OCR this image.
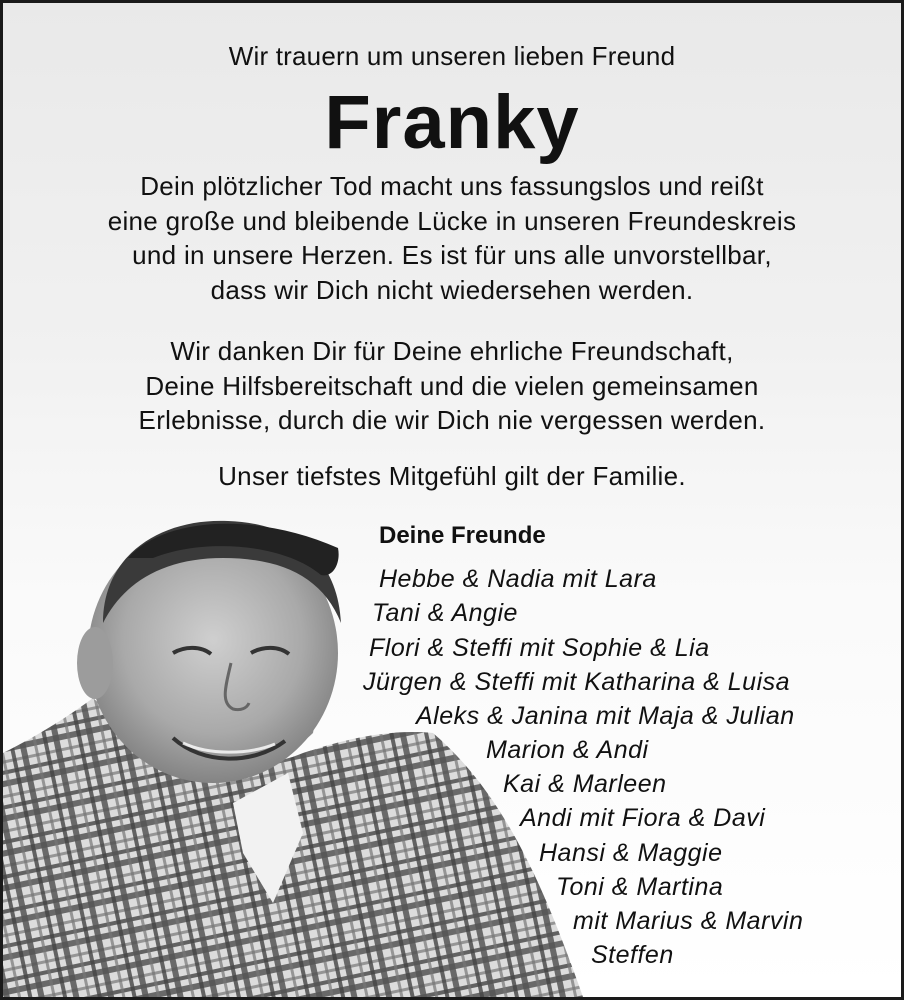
Wir trauern um unseren lieben Freund
Franky
Dein plötzlicher Tod macht uns fassungslos und reißt
eine große und bleibende Lücke in unseren Freundeskreis
und in unsere Herzen. Es ist für uns alle unvorstellbar,
dass wir Dich nicht wiedersehen werden.
Wir danken Dir für Deine ehrliche Freundschaft,
Deine Hilfsbereitschaft und die vielen gemeinsamen
Erlebnisse, durch die wir Dich nie vergessen werden.
Unser tiefstes Mitgefühl gilt der Familie.
Deine Freunde
Hebbe & Nadia mit Lara
Tani & Angie
Flori & Steffi mit Sophie & Lia
Jürgen & Steffi mit Katharina & Luisa
Aleks & Janina mit Maja & Julian
Marion & Andi
Kai & Marleen
Andi mit Fiora & Davi
Hansi & Maggie
Toni & Martina
mit Marius & Marvin
Steffen
